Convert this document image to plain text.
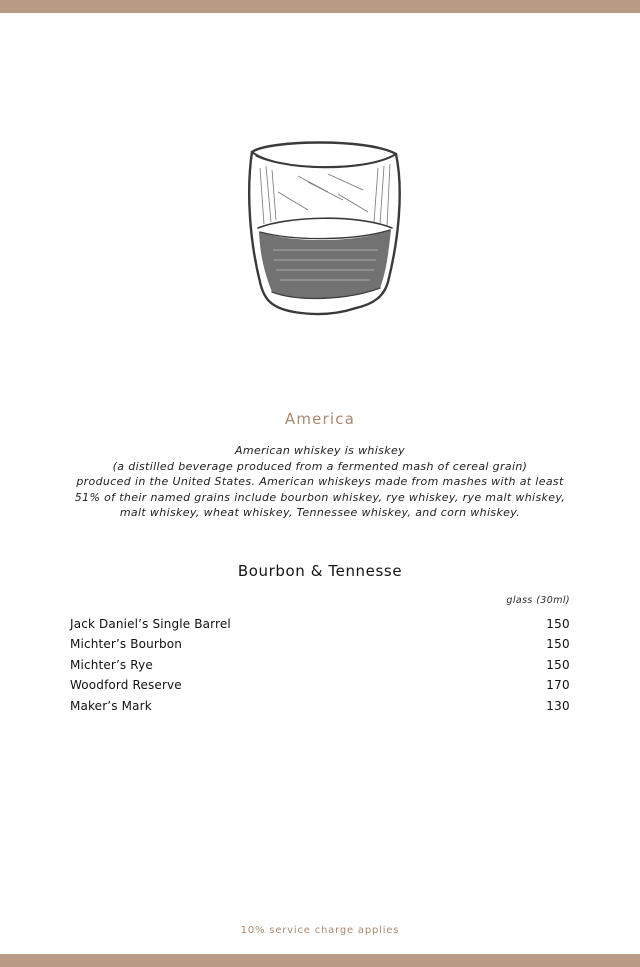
America
American whiskey is whiskey
(a distilled beverage produced from a fermented mash of cereal grain)
produced in the United States. American whiskeys made from mashes with at least
51% of their named grains include bourbon whiskey, rye whiskey, rye malt whiskey,
malt whiskey, wheat whiskey, Tennessee whiskey, and corn whiskey.
Bourbon & Tennesse
glass (30ml)
Jack Daniel’s Single Barrel	150
Michter’s Bourbon	150
Michter’s Rye	150
Woodford Reserve	170
Maker’s Mark	130
10% service charge applies
